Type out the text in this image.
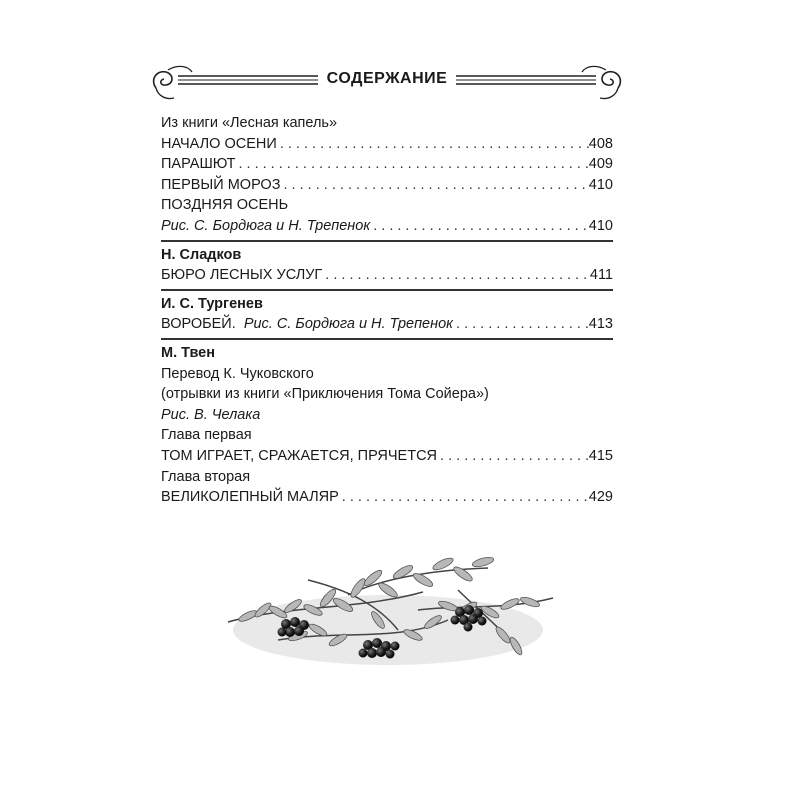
СОДЕРЖАНИЕ
Из книги «Лесная капель»
НАЧАЛО ОСЕНИ . . .	408
ПАРАШЮТ . . .	409
ПЕРВЫЙ МОРОЗ . . .	410
ПОЗДНЯЯ ОСЕНЬ
Рис. С. Бордюга и Н. Трепенок . . .	410
Н. Сладков
БЮРО ЛЕСНЫХ УСЛУГ . . .	411
И. С. Тургенев
ВОРОБЕЙ. Рис. С. Бордюга и Н. Трепенок . . .	413
М. Твен
Перевод К. Чуковского
(отрывки из книги «Приключения Тома Сойера»)
Рис. В. Челака
Глава первая
ТОМ ИГРАЕТ, СРАЖАЕТСЯ, ПРЯЧЕТСЯ . . .	415
Глава вторая
ВЕЛИКОЛЕПНЫЙ МАЛЯР . . .	429
